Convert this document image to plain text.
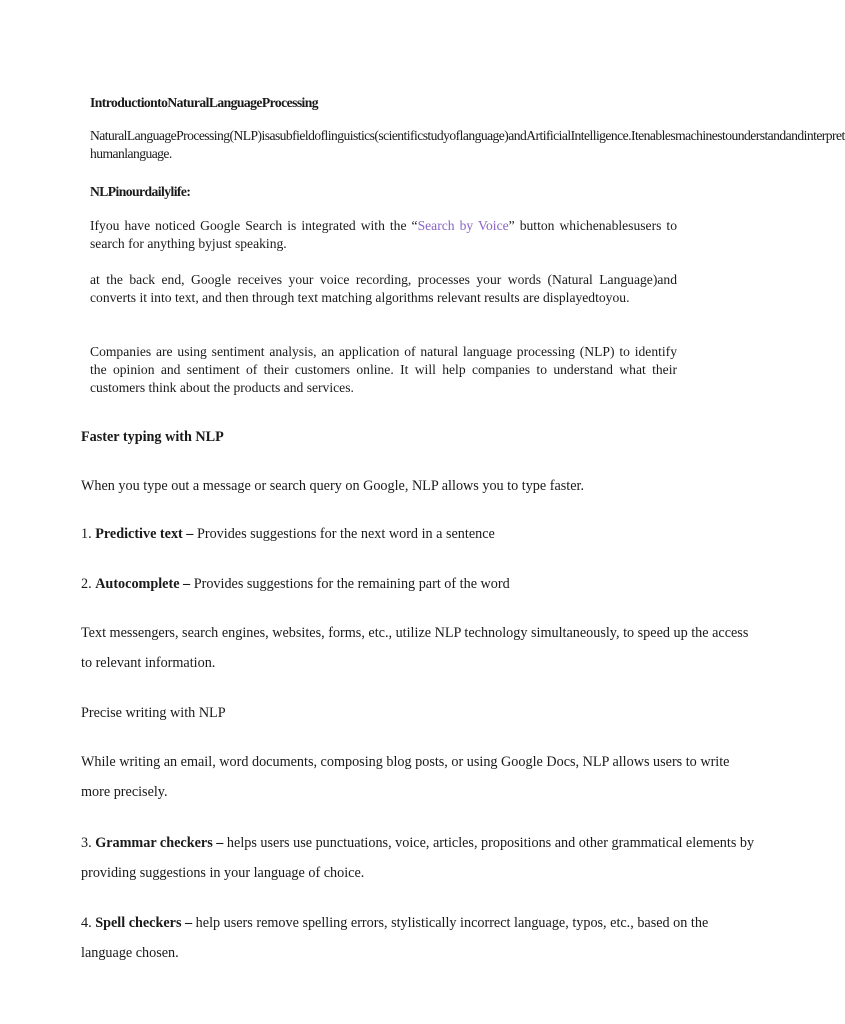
IntroductiontoNaturalLanguageProcessing

NaturalLanguageProcessing(NLP)isasubfieldoflinguistics(scientificstudyoflanguage)andArtificialIntelligence.Itenablesmachinestounderstandandinterpret humanlanguage.

NLPinourdailylife:

Ifyou have noticed Google Search is integrated with the “Search by Voice” button whichenablesusers to search for anything byjust speaking.

at the back end, Google receives your voice recording, processes your words (Natural Language)and converts it into text, and then through text matching algorithms relevant results are displayedtoyou.

Companies are using sentiment analysis, an application of natural language processing (NLP) to identify the opinion and sentiment of their customers online. It will help companies to understand what their customers think about the products and services.

Faster typing with NLP

When you type out a message or search query on Google, NLP allows you to type faster.

1. Predictive text – Provides suggestions for the next word in a sentence

2. Autocomplete – Provides suggestions for the remaining part of the word

Text messengers, search engines, websites, forms, etc., utilize NLP technology simultaneously, to speed up the access to relevant information.

Precise writing with NLP

While writing an email, word documents, composing blog posts, or using Google Docs, NLP allows users to write more precisely.

3. Grammar checkers – helps users use punctuations, voice, articles, propositions and other grammatical elements by providing suggestions in your language of choice.

4. Spell checkers – help users remove spelling errors, stylistically incorrect language, typos, etc., based on the language chosen.
